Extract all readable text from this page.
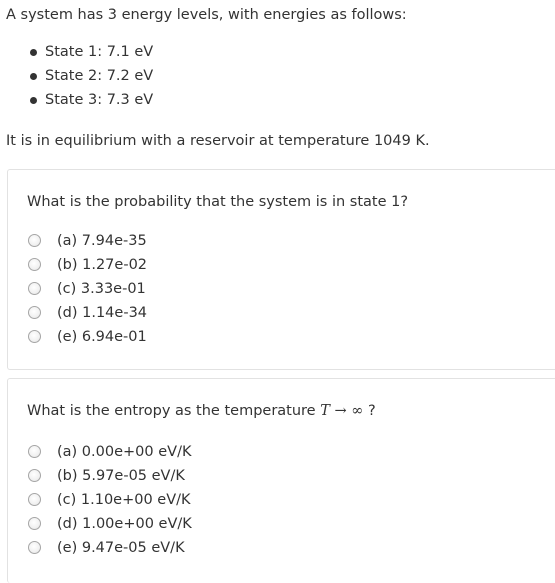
A system has 3 energy levels, with energies as follows:

State 1: 7.1 eV
State 2: 7.2 eV
State 3: 7.3 eV

It is in equilibrium with a reservoir at temperature 1049 K.

What is the probability that the system is in state 1?

(a) 7.94e-35
(b) 1.27e-02
(c) 3.33e-01
(d) 1.14e-34
(e) 6.94e-01

What is the entropy as the temperature T → ∞ ?

(a) 0.00e+00 eV/K
(b) 5.97e-05 eV/K
(c) 1.10e+00 eV/K
(d) 1.00e+00 eV/K
(e) 9.47e-05 eV/K
